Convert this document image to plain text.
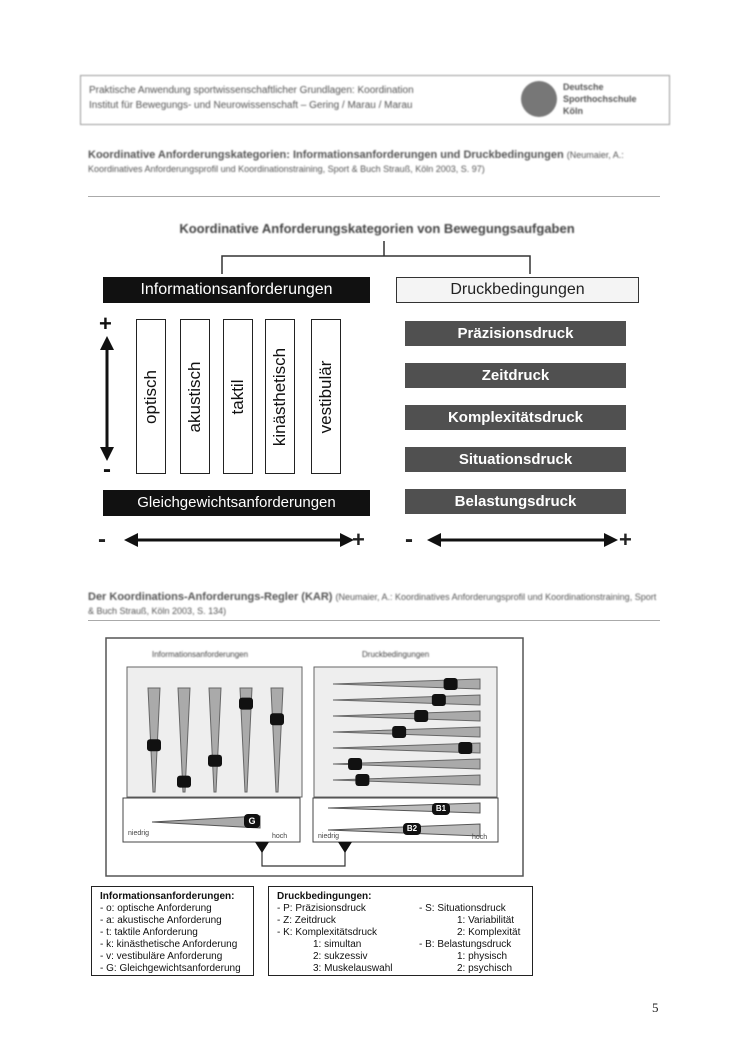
Praktische Anwendung sportwissenschaftlicher Grundlagen: Koordination
Institut für Bewegungs- und Neurowissenschaft – Gering / Marau / Marau
Deutsche
Sporthochschule
Köln
Koordinative Anforderungskategorien: Informationsanforderungen und Druckbedingungen (Neumaier, A.: Koordinatives Anforderungsprofil und Koordinationstraining, Sport & Buch Strauß, Köln 2003, S. 97)
Koordinative Anforderungskategorien von Bewegungsaufgaben
Informationsanforderungen	Druckbedingungen
+
-
optisch akustisch taktil kinästhetisch vestibulär
Präzisionsdruck
Zeitdruck
Komplexitätsdruck
Situationsdruck
Belastungsdruck
Gleichgewichtsanforderungen
-	+ -	+
Der Koordinations-Anforderungs-Regler (KAR) (Neumaier, A.: Koordinatives Anforderungsprofil und Koordinationstraining, Sport & Buch Strauß, Köln 2003, S. 134)
Informationsanforderungen	Druckbedingungen
niedrig	hoch	niedrig	hoch
G
B1
B2
Informationsanforderungen:
- o: optische Anforderung
- a: akustische Anforderung
- t: taktile Anforderung
- k: kinästhetische Anforderung
- v: vestibuläre Anforderung
- G: Gleichgewichtsanforderung
Druckbedingungen:
- P: Präzisionsdruck
- Z: Zeitdruck
- K: Komplexitätsdruck
1: simultan
2: sukzessiv
3: Muskelauswahl
- S: Situationsdruck
1: Variabilität
2: Komplexität
- B: Belastungsdruck
1: physisch
2: psychisch
5
